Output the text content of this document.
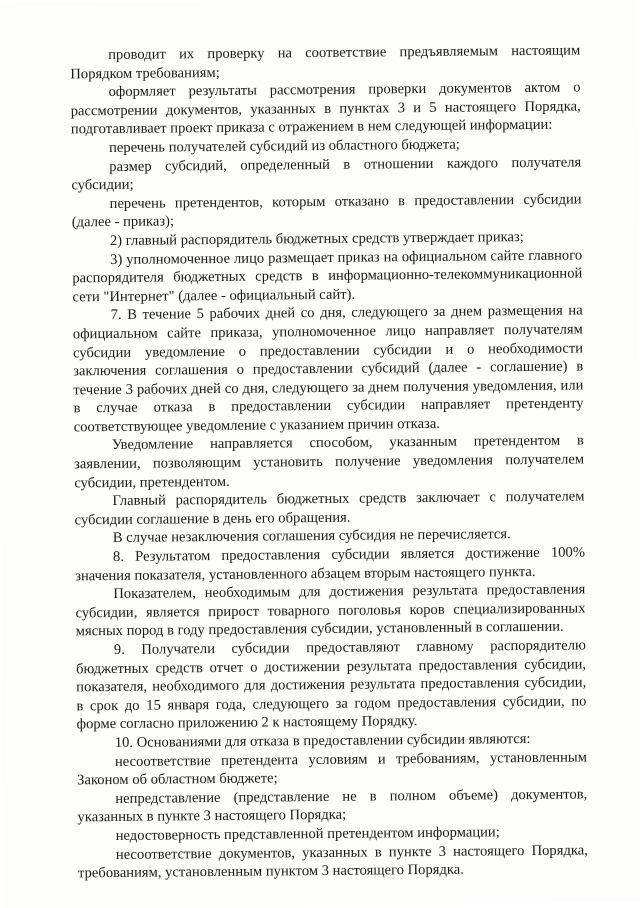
проводит их проверку на соответствие предъявляемым настоящим Порядком требованиям;

оформляет результаты рассмотрения проверки документов актом о рассмотрении документов, указанных в пунктах 3 и 5 настоящего Порядка, подготавливает проект приказа с отражением в нем следующей информации:

перечень получателей субсидий из областного бюджета;

размер субсидий, определенный в отношении каждого получателя субсидии;

перечень претендентов, которым отказано в предоставлении субсидии (далее - приказ);

2) главный распорядитель бюджетных средств утверждает приказ;

3) уполномоченное лицо размещает приказ на официальном сайте главного распорядителя бюджетных средств в информационно-телекоммуникационной сети "Интернет" (далее - официальный сайт).

7. В течение 5 рабочих дней со дня, следующего за днем размещения на официальном сайте приказа, уполномоченное лицо направляет получателям субсидии уведомление о предоставлении субсидии и о необходимости заключения соглашения о предоставлении субсидий (далее - соглашение) в течение 3 рабочих дней со дня, следующего за днем получения уведомления, или в случае отказа в предоставлении субсидии направляет претенденту соответствующее уведомление с указанием причин отказа.

Уведомление направляется способом, указанным претендентом в заявлении, позволяющим установить получение уведомления получателем субсидии, претендентом.

Главный распорядитель бюджетных средств заключает с получателем субсидии соглашение в день его обращения.

В случае незаключения соглашения субсидия не перечисляется.

8. Результатом предоставления субсидии является достижение 100% значения показателя, установленного абзацем вторым настоящего пункта.

Показателем, необходимым для достижения результата предоставления субсидии, является прирост товарного поголовья коров специализированных мясных пород в году предоставления субсидии, установленный в соглашении.

9. Получатели субсидии предоставляют главному распорядителю бюджетных средств отчет о достижении результата предоставления субсидии, показателя, необходимого для достижения результата предоставления субсидии, в срок до 15 января года, следующего за годом предоставления субсидии, по форме согласно приложению 2 к настоящему Порядку.

10. Основаниями для отказа в предоставлении субсидии являются:

несоответствие претендента условиям и требованиям, установленным Законом об областном бюджете;

непредставление (представление не в полном объеме) документов, указанных в пункте 3 настоящего Порядка;

недостоверность представленной претендентом информации;

несоответствие документов, указанных в пункте 3 настоящего Порядка, требованиям, установленным пунктом 3 настоящего Порядка.
